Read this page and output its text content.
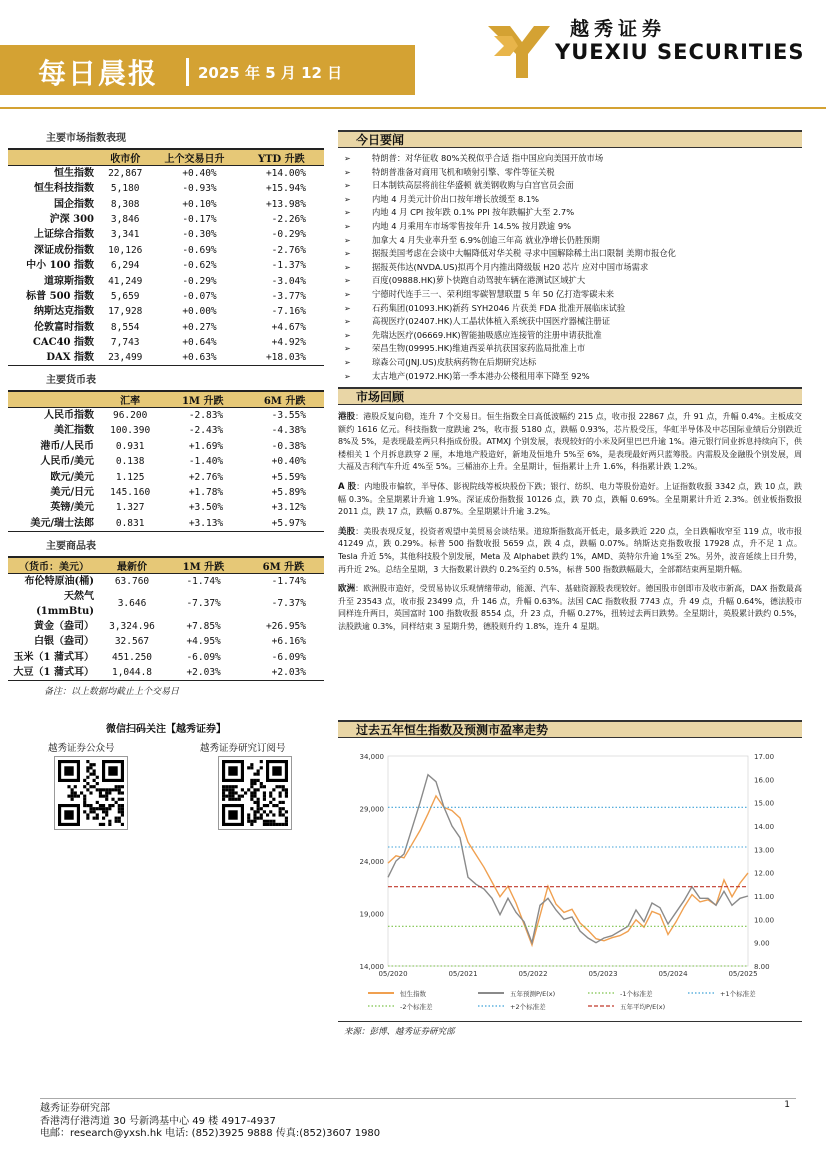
每日晨报	2025 年 5 月 12 日
越秀证券
YUEXIU SECURITIES
主要市场指数表现
	收市价	上个交易日升	YTD 升跌
恒生指数	22,867	+0.40%	+14.00%
恒生科技指数	5,180	-0.93%	+15.94%
国企指数	8,308	+0.10%	+13.98%
沪深 300	3,846	-0.17%	-2.26%
上证综合指数	3,341	-0.30%	-0.29%
深证成份指数	10,126	-0.69%	-2.76%
中小 100 指数	6,294	-0.62%	-1.37%
道琼斯指数	41,249	-0.29%	-3.04%
标普 500 指数	5,659	-0.07%	-3.77%
纳斯达克指数	17,928	+0.00%	-7.16%
伦敦富时指数	8,554	+0.27%	+4.67%
CAC40 指数	7,743	+0.64%	+4.92%
DAX 指数	23,499	+0.63%	+18.03%
主要货币表
	汇率	1M 升跌	6M 升跌
人民币指数	96.200	-2.83%	-3.55%
美汇指数	100.390	-2.43%	-4.38%
港币/人民币	0.931	+1.69%	-0.38%
人民币/美元	0.138	-1.40%	+0.40%
欧元/美元	1.125	+2.76%	+5.59%
美元/日元	145.160	+1.78%	+5.89%
英镑/美元	1.327	+3.50%	+3.12%
美元/瑞士法郎	0.831	+3.13%	+5.97%
主要商品表
（货币：美元）	最新价	1M 升跌	6M 升跌
布伦特原油(桶)	63.760	-1.74%	-1.74%
天然气(1mmBtu)	3.646	-7.37%	-7.37%
黄金（盎司）	3,324.96	+7.85%	+26.95%
白银（盎司）	32.567	+4.95%	+6.16%
玉米（1 蒲式耳）	451.250	-6.09%	-6.09%
大豆（1 蒲式耳）	1,044.8	+2.03%	+2.03%
备注：以上数据均截止上个交易日
微信扫码关注【越秀证券】
越秀证券公众号	越秀证券研究订阅号
今日要闻
➢	特朗普：对华征收 80%关税似乎合适 指中国应向美国开放市场
➢	特朗普准备对商用飞机和喷射引擎、零件等征关税
➢	日本制铁高层将前往华盛顿 就美钢收购与白宫官员会面
➢	内地 4 月美元计价出口按年增长放缓至 8.1%
➢	内地 4 月 CPI 按年跌 0.1% PPI 按年跌幅扩大至 2.7%
➢	内地 4 月乘用车市场零售按年升 14.5% 按月跌逾 9%
➢	加拿大 4 月失业率升至 6.9%创逾三年高 就业净增长仍胜预期
➢	据报美国考虑在会谈中大幅降低对华关税 寻求中国解除稀土出口限制 美期市报仓化
➢	据报英伟达(NVDA.US)拟再个月内推出降级版 H20 芯片 应对中国市场需求
➢	百度(09888.HK)萝卜快跑自动驾驶车辆在港测试区域扩大
➢	宁德时代连手三一、荣利组零碳智慧联盟 5 年 50 亿打造零碳未来
➢	石药集团(01093.HK)新药 SYH2046 片获美 FDA 批准开展临床试验
➢	高视医疗(02407.HK)人工晶状体植入系统获中国医疗器械注册证
➢	先瑞达医疗(06669.HK)智能抽吸感应连接管的注册申请获批准
➢	荣昌生物(09995.HK)维迪西妥单抗获国家药监局批准上市
➢	琼森公司(JNJ.US)皮肤病药物在后期研究达标
➢	太古地产(01972.HK)第一季本港办公楼租用率下降至 92%
市场回顾

港股：港股反复向稳，连升 7 个交易日。恒生指数全日高低波幅约 215 点，收市报 22867 点，升 91 点，升幅 0.4%。主板成交额约 1616 亿元。科技指数一度跌逾 2%，收市报 5180 点，跌幅 0.93%，芯片股受压，华虹半导体及中芯国际业绩后分别跌近 8%及 5%，是表现最差两只科指成份股。ATMXJ 个别发展，表现较好的小米及阿里巴巴升逾 1%。港元银行同业拆息持续向下，供楼相关 1 个月拆息跌穿 2 厘，本地地产股造好，新地及恒地升 5%至 6%，是表现最好两只蓝筹股。内需股及金融股个别发展，周大福及吉利汽车升近 4%至 5%。三桶油亦上升。全星期计，恒指累计上升 1.6%，科指累计跌 1.2%。

A 股：内地股市偏软，半导体、影视院线等板块股份下跌；银行、纺织、电力等股份造好。上证指数收报 3342 点，跌 10 点，跌幅 0.3%。全星期累计升逾 1.9%。深证成份指数报 10126 点，跌 70 点，跌幅 0.69%。全星期累计升近 2.3%。创业板指数报 2011 点，跌 17 点，跌幅 0.87%。全星期累计升逾 3.2%。

美股：美股表现反复，投资者观望中美贸易会谈结果。道琼斯指数高开低走，最多跌近 220 点，全日跌幅收窄至 119 点，收市报 41249 点，跌 0.29%。标普 500 指数收报 5659 点，跌 4 点，跌幅 0.07%。纳斯达克指数收报 17928 点，升不足 1 点。Tesla 升近 5%，其他科技股个别发展，Meta 及 Alphabet 跌约 1%，AMD、英特尔升逾 1%至 2%。另外，波音延续上日升势，再升近 2%。总结全星期，3 大指数累计跌约 0.2%至约 0.5%，标普 500 指数跌幅最大，全部都结束两星期升幅。

欧洲：欧洲股市造好，受贸易协议乐观情绪带动，能源、汽车、基础资源股表现较好。德国股市创即市及收市新高，DAX 指数最高升至 23543 点，收市报 23499 点，升 146 点，升幅 0.63%。法国 CAC 指数收报 7743 点，升 49 点，升幅 0.64%，德法股市同样连升两日，英国富时 100 指数收报 8554 点，升 23 点，升幅 0.27%，扭转过去两日跌势。全星期计，英股累计跌约 0.5%，法股跌逾 0.3%，同样结束 3 星期升势，德股则升约 1.8%，连升 4 星期。

过去五年恒生指数及预测市盈率走势
14,000
19,000
24,000
29,000
34,000
8.00
9.00
10.00
11.00
12.00
13.00
14.00
15.00
16.00
17.00
05/2020	05/2021	05/2022	05/2023	05/2024	05/2025
恒生指数	五年预测P/E(x)	-1个标准差	+1个标准差
-2个标准差	+2个标准差	五年平均P/E(x)
来源：彭博、越秀证券研究部
越秀证券研究部
香港湾仔港湾道 30 号新鸿基中心 49 楼 4917-4937
电邮：research@yxsh.hk 电话: (852)3925 9888 传真:(852)3607 1980
1
